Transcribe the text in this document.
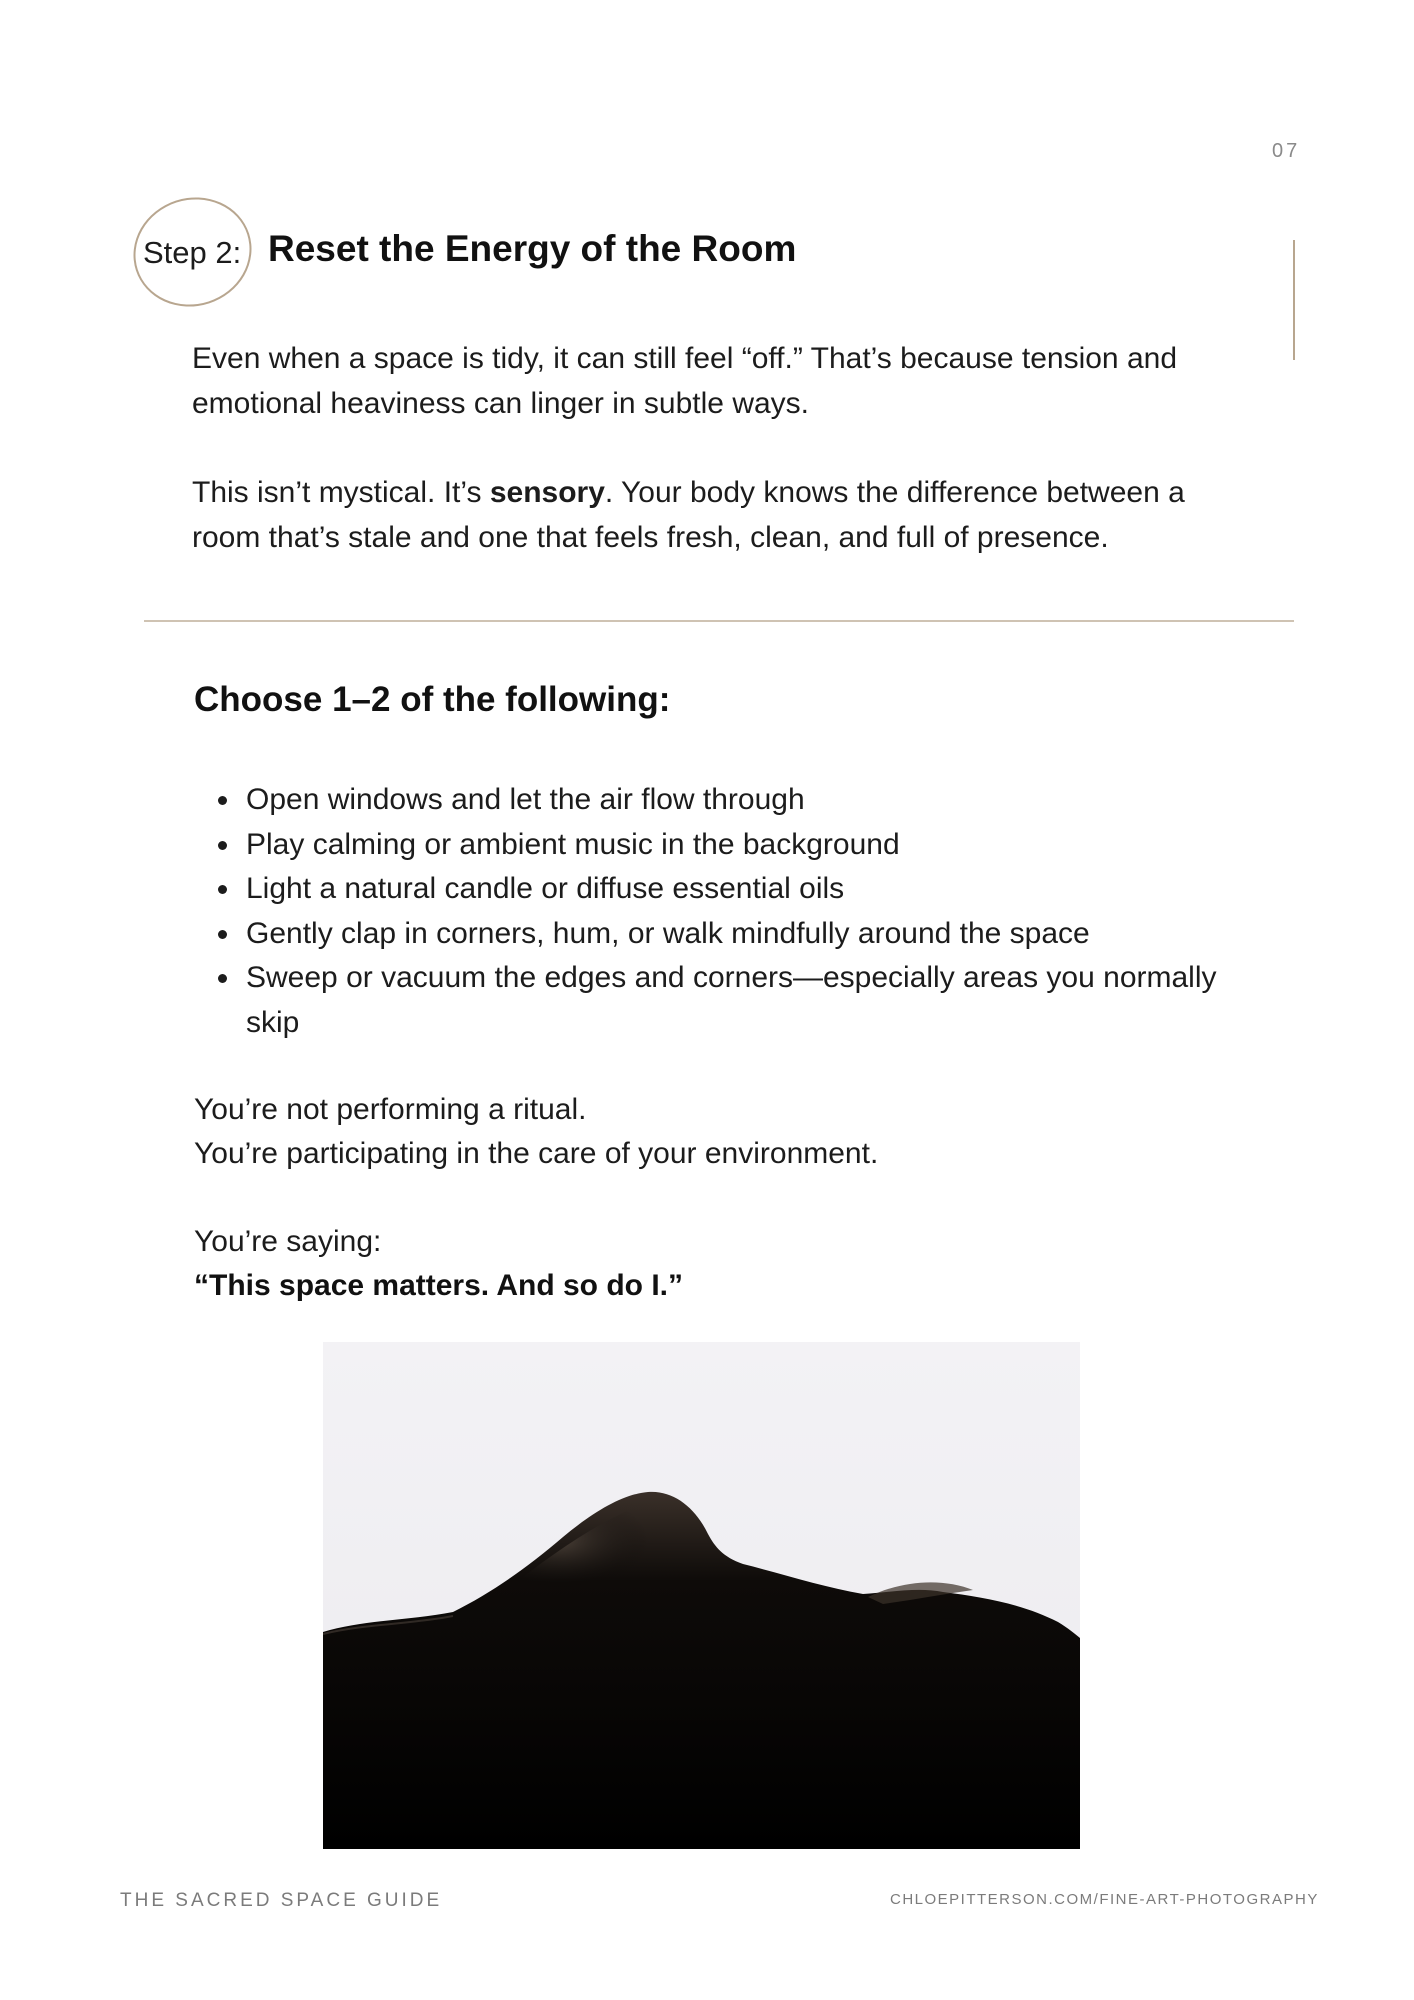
07
Step 2: Reset the Energy of the Room

Even when a space is tidy, it can still feel “off.” That’s because tension and emotional heaviness can linger in subtle ways.

This isn’t mystical. It’s sensory. Your body knows the difference between a room that’s stale and one that feels fresh, clean, and full of presence.

Choose 1–2 of the following:
• Open windows and let the air flow through
• Play calming or ambient music in the background
• Light a natural candle or diffuse essential oils
• Gently clap in corners, hum, or walk mindfully around the space
• Sweep or vacuum the edges and corners—especially areas you normally skip
You’re not performing a ritual.
You’re participating in the care of your environment.
You’re saying:
“This space matters. And so do I.”
THE SACRED SPACE GUIDE	CHLOEPITTERSON.COM/FINE-ART-PHOTOGRAPHY
